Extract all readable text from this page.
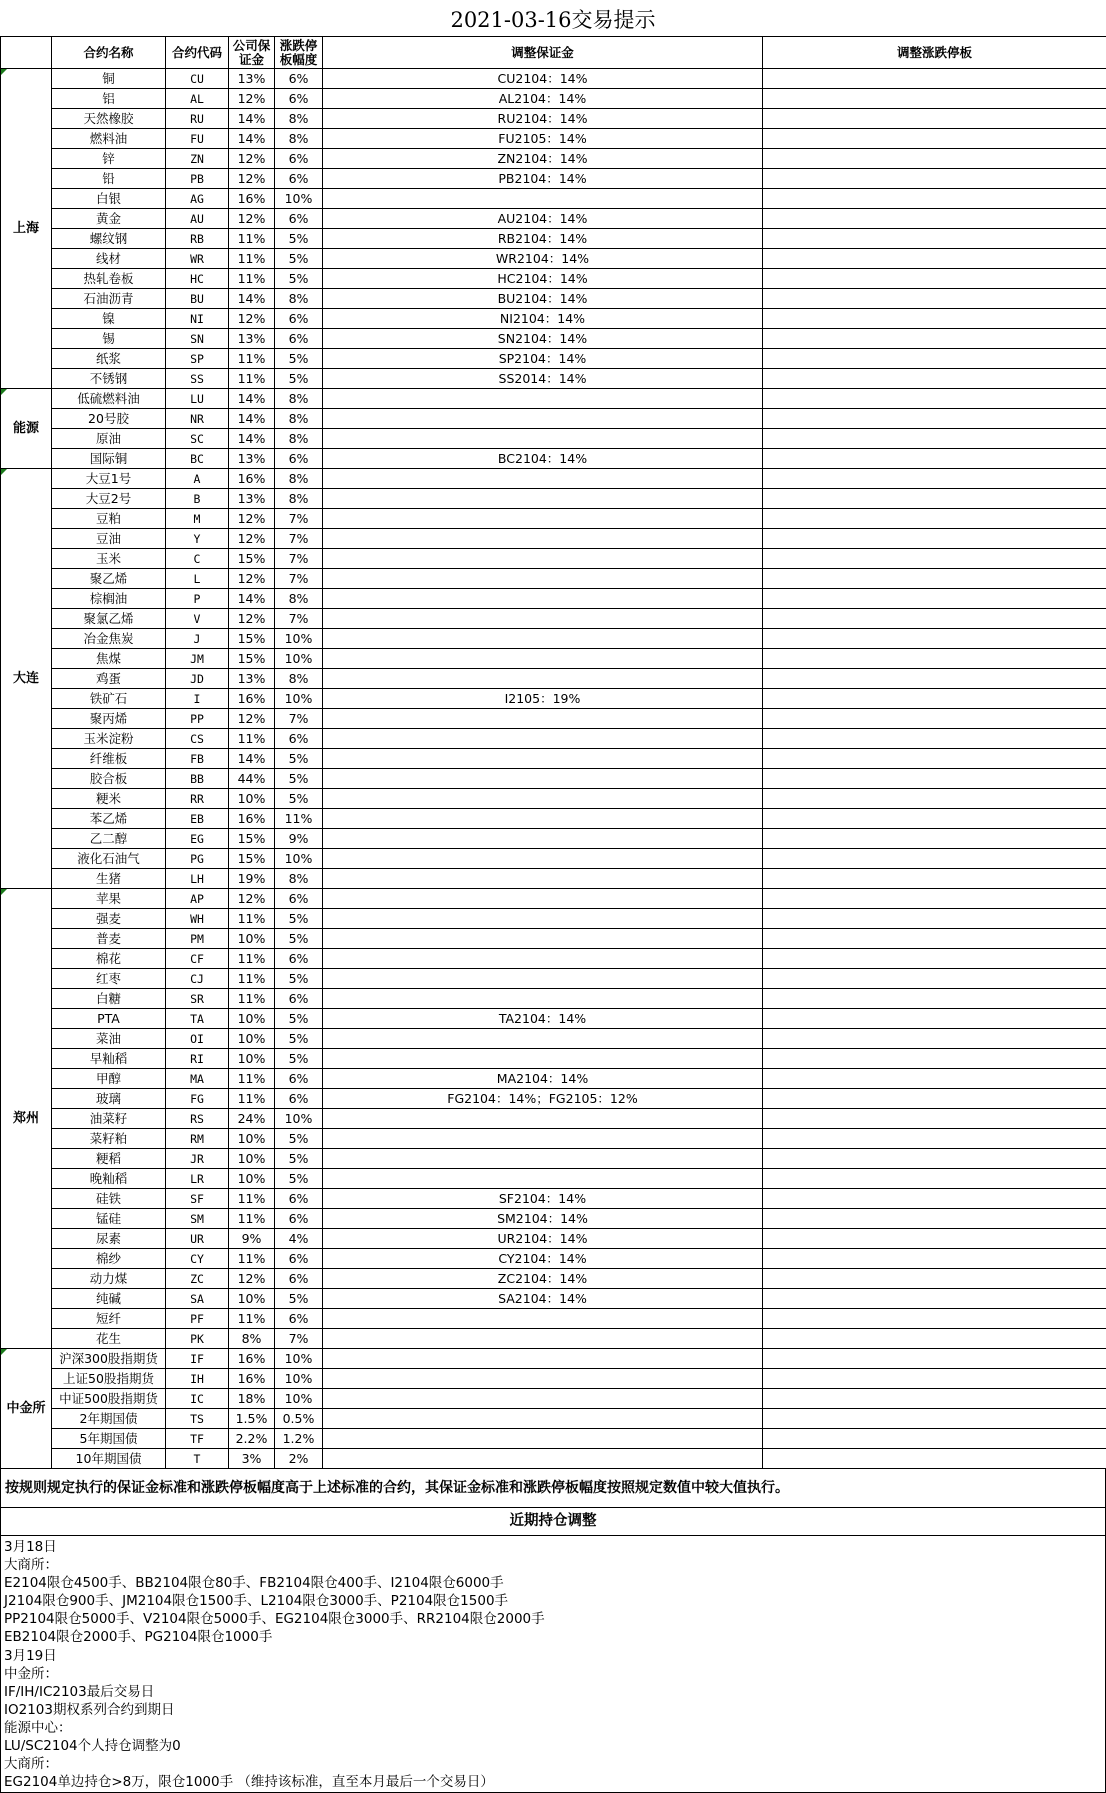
2021-03-16交易提示
	合约名称	合约代码	公司保证金	涨跌停板幅度	调整保证金	调整涨跌停板
上海	铜	CU	13%	6%	CU2104：14%	
	铝	AL	12%	6%	AL2104：14%	
	天然橡胶	RU	14%	8%	RU2104：14%	
	燃料油	FU	14%	8%	FU2105：14%	
	锌	ZN	12%	6%	ZN2104：14%	
	铅	PB	12%	6%	PB2104：14%	
	白银	AG	16%	10%		
	黄金	AU	12%	6%	AU2104：14%	
	螺纹钢	RB	11%	5%	RB2104：14%	
	线材	WR	11%	5%	WR2104：14%	
	热轧卷板	HC	11%	5%	HC2104：14%	
	石油沥青	BU	14%	8%	BU2104：14%	
	镍	NI	12%	6%	NI2104：14%	
	锡	SN	13%	6%	SN2104：14%	
	纸浆	SP	11%	5%	SP2104：14%	
	不锈钢	SS	11%	5%	SS2014：14%	
能源	低硫燃料油	LU	14%	8%		
	20号胶	NR	14%	8%		
	原油	SC	14%	8%		
	国际铜	BC	13%	6%	BC2104：14%	
大连	大豆1号	A	16%	8%		
	大豆2号	B	13%	8%		
	豆粕	M	12%	7%		
	豆油	Y	12%	7%		
	玉米	C	15%	7%		
	聚乙烯	L	12%	7%		
	棕榈油	P	14%	8%		
	聚氯乙烯	V	12%	7%		
	冶金焦炭	J	15%	10%		
	焦煤	JM	15%	10%		
	鸡蛋	JD	13%	8%		
	铁矿石	I	16%	10%	I2105：19%	
	聚丙烯	PP	12%	7%		
	玉米淀粉	CS	11%	6%		
	纤维板	FB	14%	5%		
	胶合板	BB	44%	5%		
	粳米	RR	10%	5%		
	苯乙烯	EB	16%	11%		
	乙二醇	EG	15%	9%		
	液化石油气	PG	15%	10%		
	生猪	LH	19%	8%		
郑州	苹果	AP	12%	6%		
	强麦	WH	11%	5%		
	普麦	PM	10%	5%		
	棉花	CF	11%	6%		
	红枣	CJ	11%	5%		
	白糖	SR	11%	6%		
	PTA	TA	10%	5%	TA2104：14%	
	菜油	OI	10%	5%		
	早籼稻	RI	10%	5%		
	甲醇	MA	11%	6%	MA2104：14%	
	玻璃	FG	11%	6%	FG2104：14%；FG2105：12%	
	油菜籽	RS	24%	10%		
	菜籽粕	RM	10%	5%		
	粳稻	JR	10%	5%		
	晚籼稻	LR	10%	5%		
	硅铁	SF	11%	6%	SF2104：14%	
	锰硅	SM	11%	6%	SM2104：14%	
	尿素	UR	9%	4%	UR2104：14%	
	棉纱	CY	11%	6%	CY2104：14%	
	动力煤	ZC	12%	6%	ZC2104：14%	
	纯碱	SA	10%	5%	SA2104：14%	
	短纤	PF	11%	6%		
	花生	PK	8%	7%		
中金所	沪深300股指期货	IF	16%	10%		
	上证50股指期货	IH	16%	10%		
	中证500股指期货	IC	18%	10%		
	2年期国债	TS	1.5%	0.5%		
	5年期国债	TF	2.2%	1.2%		
	10年期国债	T	3%	2%		
按规则规定执行的保证金标准和涨跌停板幅度高于上述标准的合约，其保证金标准和涨跌停板幅度按照规定数值中较大值执行。
近期持仓调整
3月18日
大商所：
E2104限仓4500手、BB2104限仓80手、FB2104限仓400手、I2104限仓6000手
J2104限仓900手、JM2104限仓1500手、L2104限仓3000手、P2104限仓1500手
PP2104限仓5000手、V2104限仓5000手、EG2104限仓3000手、RR2104限仓2000手
EB2104限仓2000手、PG2104限仓1000手
3月19日
中金所：
IF/IH/IC2103最后交易日
IO2103期权系列合约到期日
能源中心：
LU/SC2104个人持仓调整为0
大商所：
EG2104单边持仓>8万，限仓1000手 （维持该标准，直至本月最后一个交易日）
